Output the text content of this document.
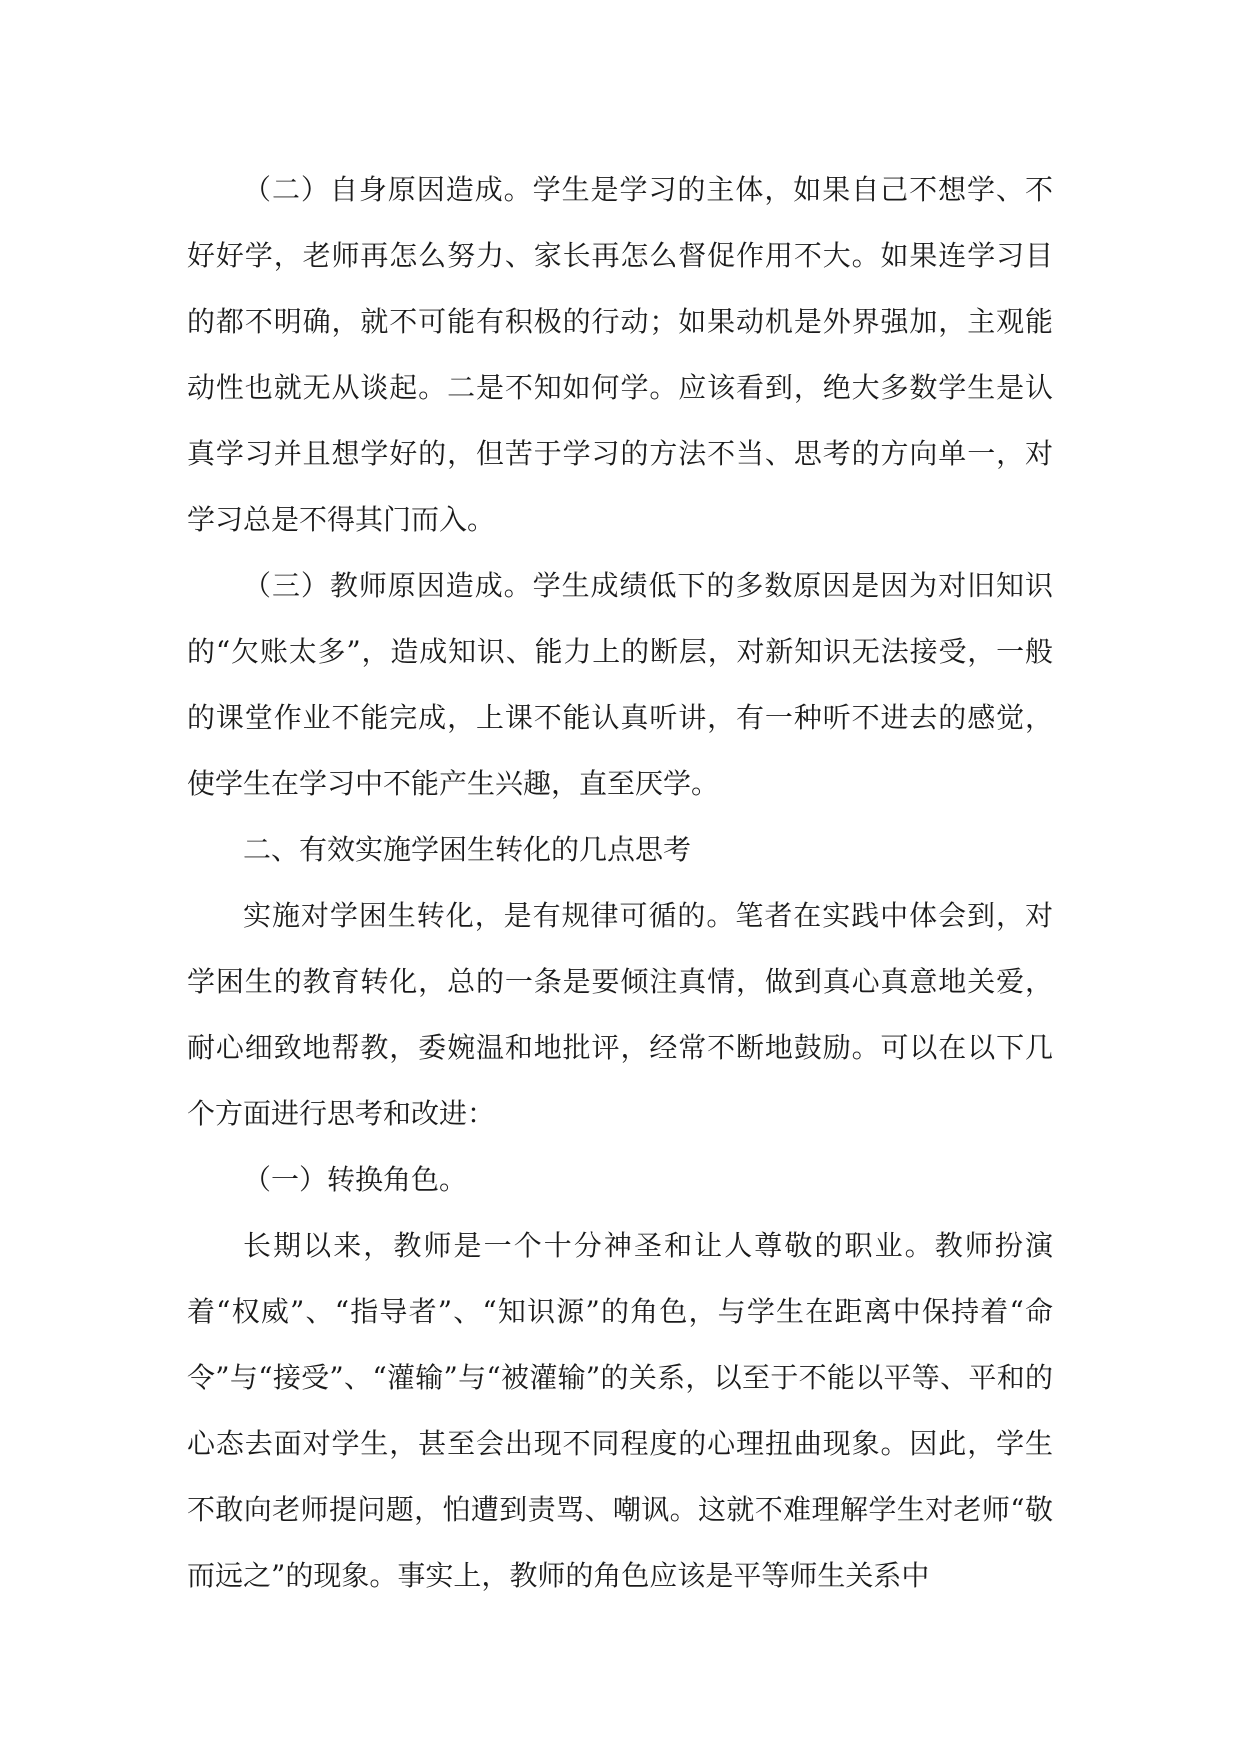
（二）自身原因造成。学生是学习的主体，如果自己不想学、不好好学，老师再怎么努力、家长再怎么督促作用不大。如果连学习目的都不明确，就不可能有积极的行动；如果动机是外界强加，主观能动性也就无从谈起。二是不知如何学。应该看到，绝大多数学生是认真学习并且想学好的，但苦于学习的方法不当、思考的方向单一，对学习总是不得其门而入。

（三）教师原因造成。学生成绩低下的多数原因是因为对旧知识的“欠账太多”，造成知识、能力上的断层，对新知识无法接受，一般的课堂作业不能完成，上课不能认真听讲，有一种听不进去的感觉，使学生在学习中不能产生兴趣，直至厌学。

二、有效实施学困生转化的几点思考

实施对学困生转化，是有规律可循的。笔者在实践中体会到，对学困生的教育转化，总的一条是要倾注真情，做到真心真意地关爱，耐心细致地帮教，委婉温和地批评，经常不断地鼓励。可以在以下几个方面进行思考和改进：

（一）转换角色。

长期以来，教师是一个十分神圣和让人尊敬的职业。教师扮演着“权威”、“指导者”、“知识源”的角色，与学生在距离中保持着“命令”与“接受”、“灌输”与“被灌输”的关系，以至于不能以平等、平和的心态去面对学生，甚至会出现不同程度的心理扭曲现象。因此，学生不敢向老师提问题，怕遭到责骂、嘲讽。这就不难理解学生对老师“敬而远之”的现象。事实上，教师的角色应该是平等师生关系中
